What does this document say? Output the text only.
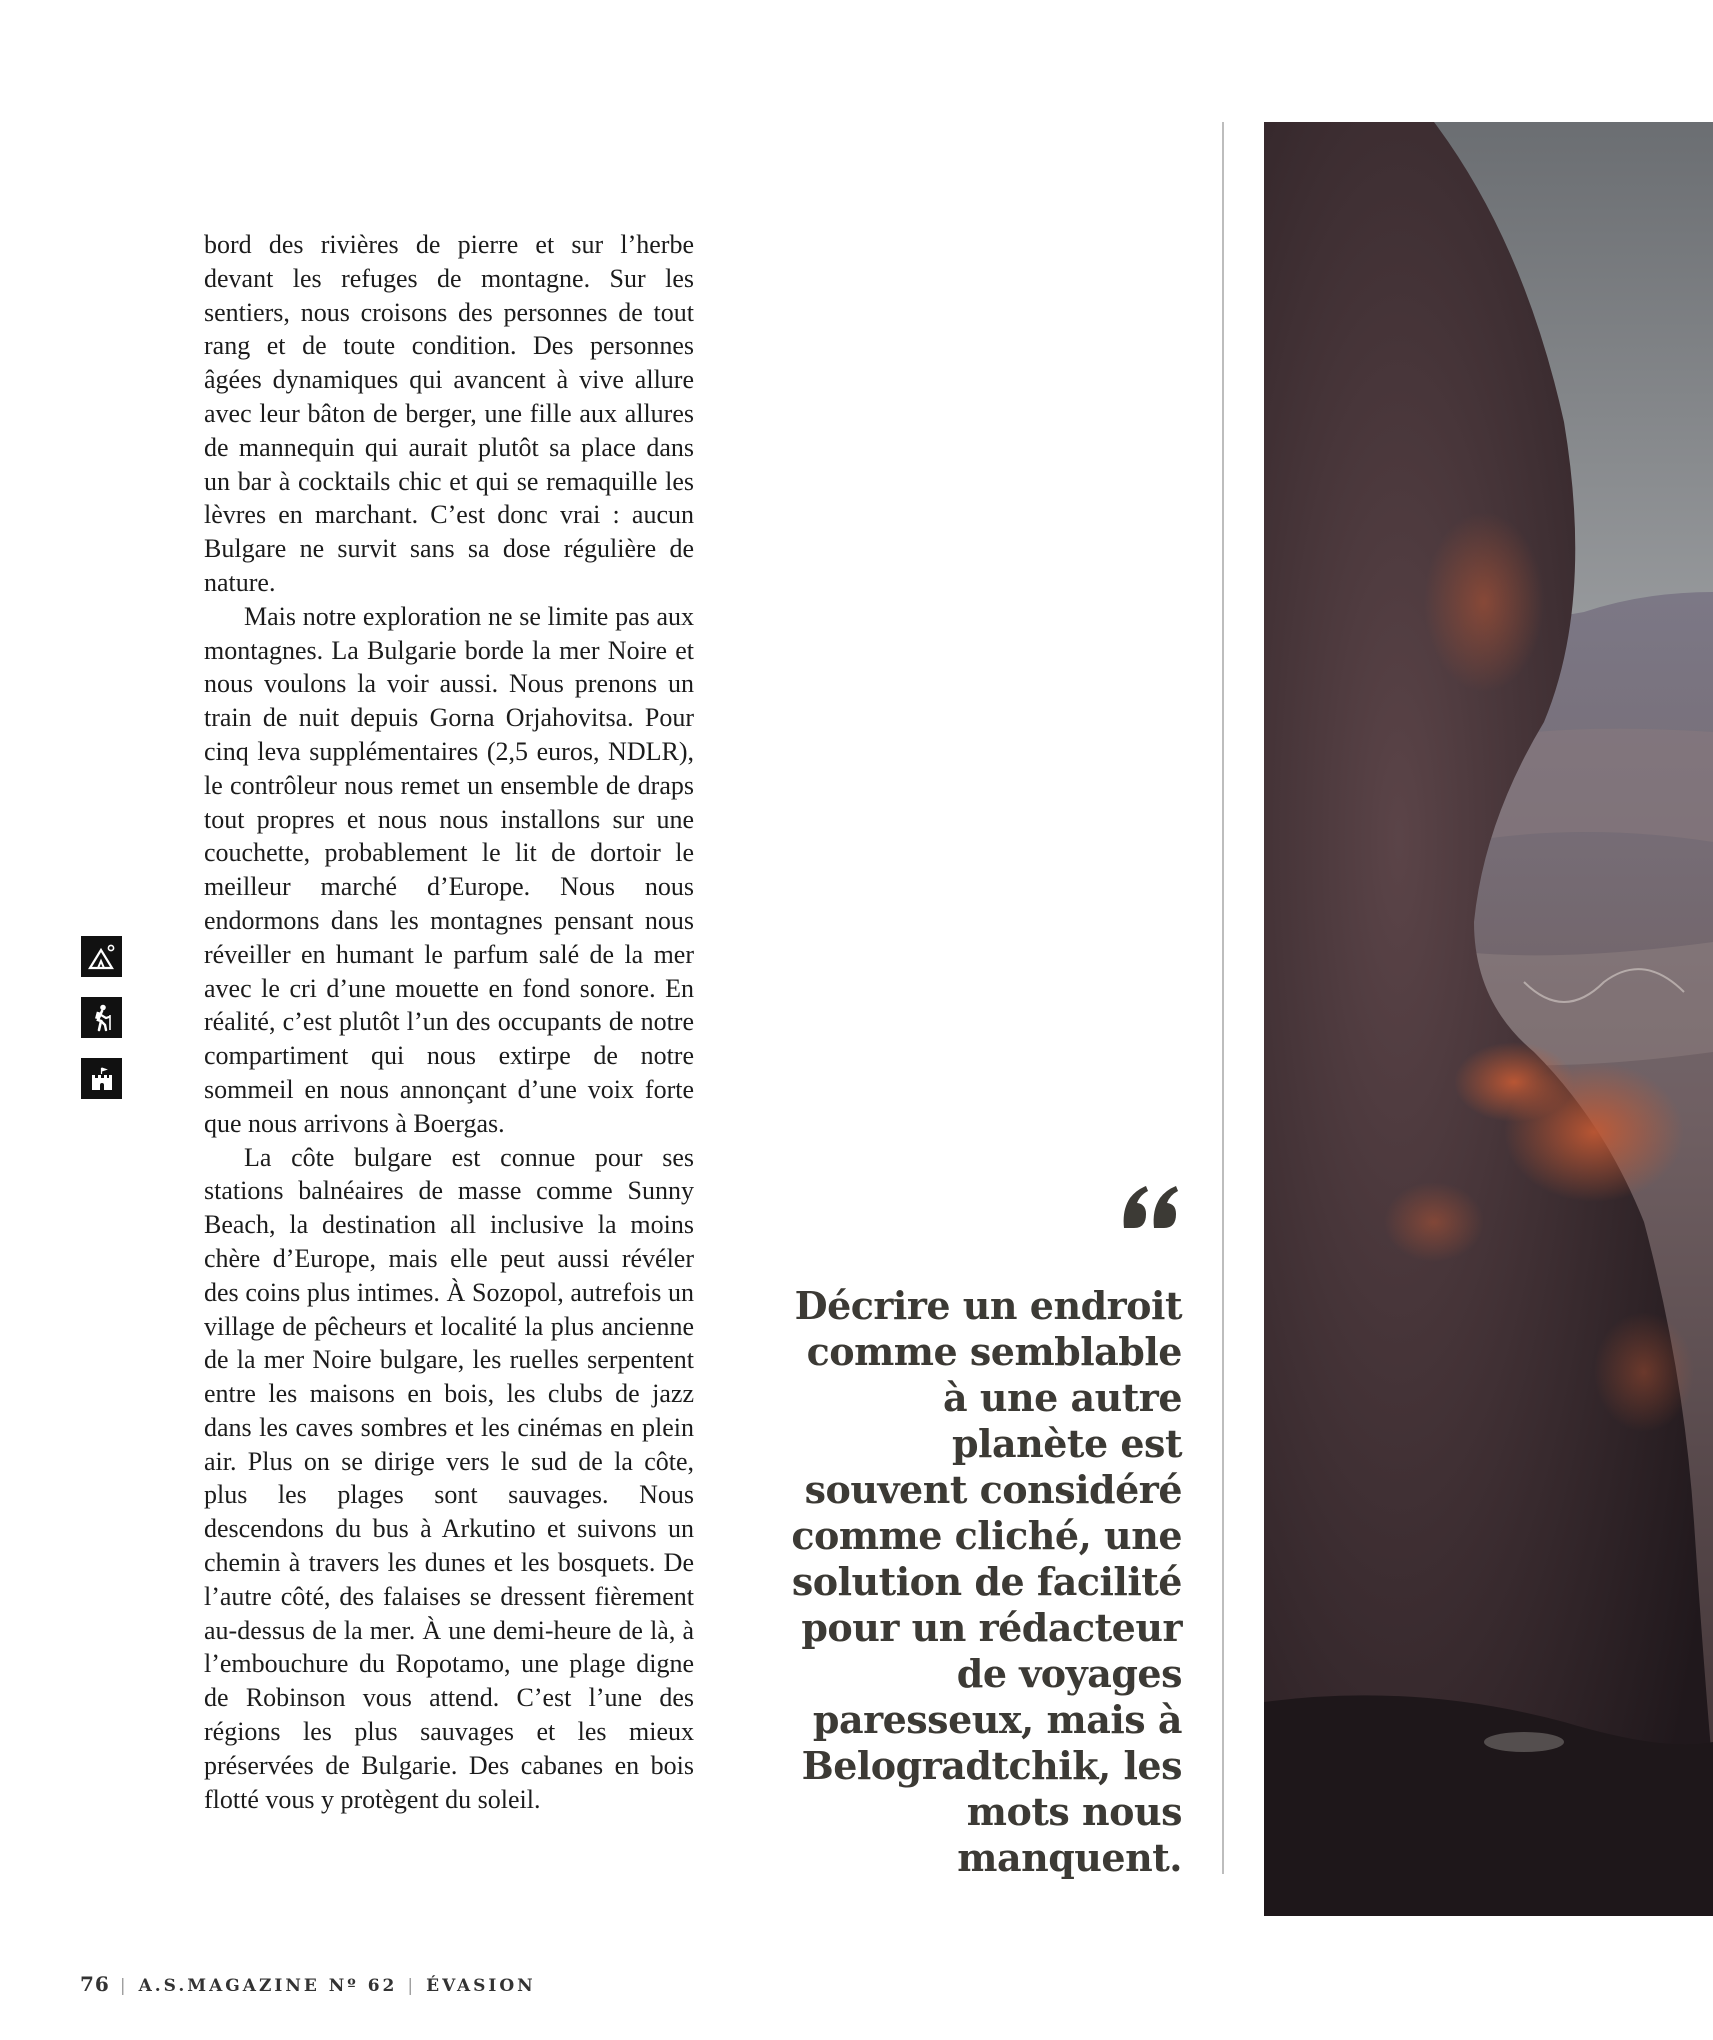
bord des rivières de pierre et sur l’herbe devant les refuges de montagne. Sur les sentiers, nous croisons des personnes de tout rang et de toute condition. Des personnes âgées dynamiques qui avancent à vive allure avec leur bâton de berger, une fille aux allures de mannequin qui aurait plutôt sa place dans un bar à cocktails chic et qui se remaquille les lèvres en marchant. C’est donc vrai : aucun Bulgare ne survit sans sa dose régulière de nature.

Mais notre exploration ne se limite pas aux montagnes. La Bulgarie borde la mer Noire et nous voulons la voir aussi. Nous prenons un train de nuit depuis Gorna Orjahovitsa. Pour cinq leva supplémentaires (2,5 euros, NDLR), le contrôleur nous remet un ensemble de draps tout propres et nous nous installons sur une couchette, probablement le lit de dortoir le meilleur marché d’Europe. Nous nous endormons dans les montagnes pensant nous réveiller en humant le parfum salé de la mer avec le cri d’une mouette en fond sonore. En réalité, c’est plutôt l’un des occupants de notre compartiment qui nous extirpe de notre sommeil en nous annonçant d’une voix forte que nous arrivons à Boergas.

La côte bulgare est connue pour ses stations balnéaires de masse comme Sunny Beach, la destination all inclusive la moins chère d’Europe, mais elle peut aussi révéler des coins plus intimes. À Sozopol, autrefois un village de pêcheurs et localité la plus ancienne de la mer Noire bulgare, les ruelles serpentent entre les maisons en bois, les clubs de jazz dans les caves sombres et les cinémas en plein air. Plus on se dirige vers le sud de la côte, plus les plages sont sauvages. Nous descendons du bus à Arkutino et suivons un chemin à travers les dunes et les bosquets. De l’autre côté, des falaises se dressent fièrement au-dessus de la mer. À une demi-heure de là, à l’embouchure du Ropotamo, une plage digne de Robinson vous attend. C’est l’une des régions les plus sauvages et les mieux préservées de Bulgarie. Des cabanes en bois flotté vous y protègent du soleil.

Décrire un endroit comme semblable à une autre planète est souvent considéré comme cliché, une solution de facilité pour un rédacteur de voyages paresseux, mais à Belogradtchik, les mots nous manquent.
76 | A.S.MAGAZINE Nº 62 | ÉVASION
